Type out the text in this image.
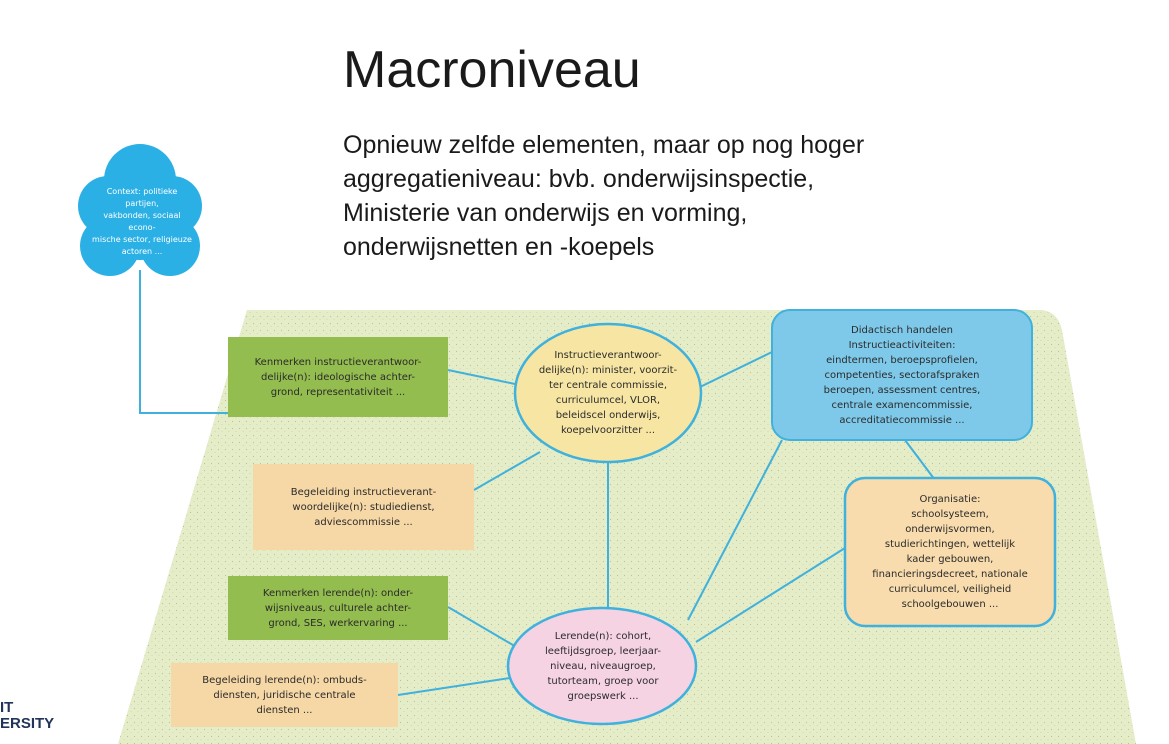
Macroniveau
Opnieuw zelfde elementen, maar op nog hoger
aggregatieniveau: bvb. onderwijsinspectie,
Ministerie van onderwijs en vorming,
onderwijsnetten en -koepels
Context: politieke partijen,
vakbonden, sociaal econo-
mische sector, religieuze
actoren ...
Kenmerken instructieverantwoor-
delijke(n): ideologische achter-
grond, representativiteit ...
Begeleiding instructieverant-
woordelijke(n): studiedienst,
adviescommissie ...
Kenmerken lerende(n): onder-
wijsniveaus, culturele achter-
grond, SES, werkervaring ...
Begeleiding lerende(n): ombuds-
diensten, juridische centrale
diensten ...
Instructieverantwoor-
delijke(n): minister, voorzit-
ter centrale commissie,
curriculumcel, VLOR,
beleidscel onderwijs,
koepelvoorzitter ...
Lerende(n): cohort,
leeftijdsgroep, leerjaar-
niveau, niveaugroep,
tutorteam, groep voor
groepswerk ...
Didactisch handelen
Instructieactiviteiten:
eindtermen, beroepsprofielen,
competenties, sectorafspraken
beroepen, assessment centres,
centrale examencommissie,
accreditatiecommissie ...
Organisatie:
schoolsysteem,
onderwijsvormen,
studierichtingen, wettelijk
kader gebouwen,
financieringsdecreet, nationale
curriculumcel, veiligheid
schoolgebouwen ...
IT
ERSITY
